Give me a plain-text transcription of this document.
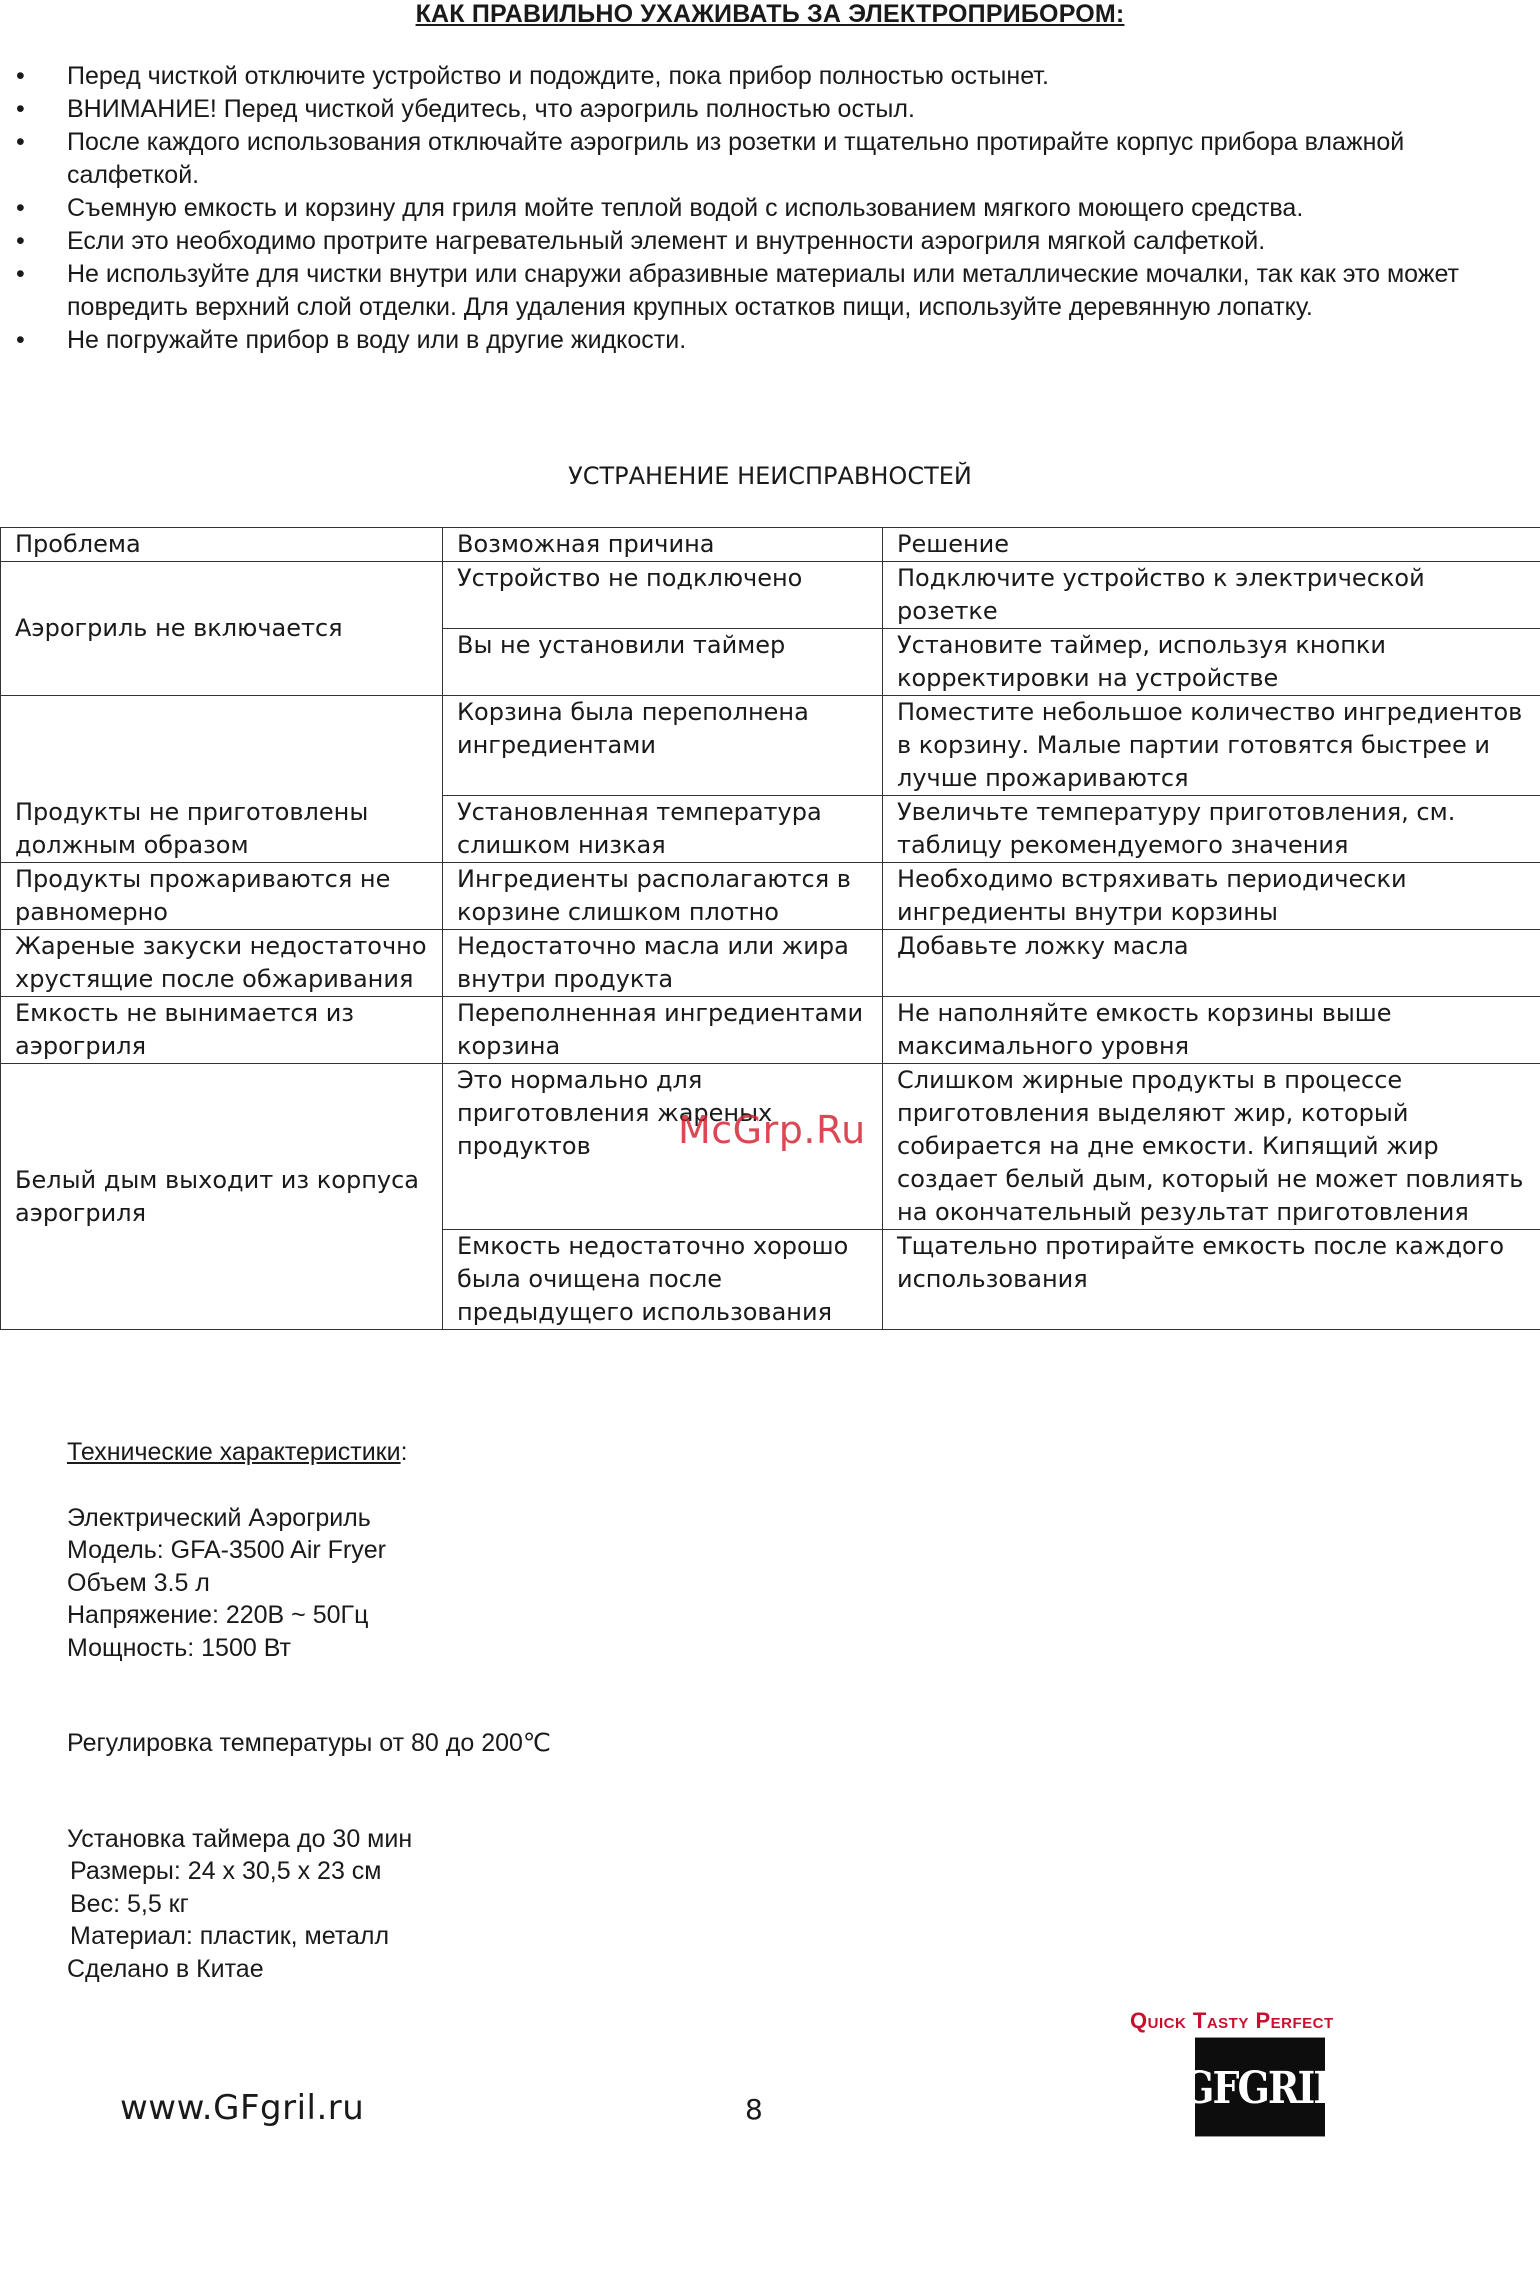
КАК ПРАВИЛЬНО УХАЖИВАТЬ ЗА ЭЛЕКТРОПРИБОРОМ:
• Перед чисткой отключите устройство и подождите, пока прибор полностью остынет.
• ВНИМАНИЕ! Перед чисткой убедитесь, что аэрогриль полностью остыл.
• После каждого использования отключайте аэрогриль из розетки и тщательно протирайте корпус прибора влажной салфеткой.
• Съемную емкость и корзину для гриля мойте теплой водой с использованием мягкого моющего средства.
• Если это необходимо протрите нагревательный элемент и внутренности аэрогриля мягкой салфеткой.
• Не используйте для чистки внутри или снаружи абразивные материалы или металлические мочалки, так как это может повредить верхний слой отделки. Для удаления крупных остатков пищи, используйте деревянную лопатку.
• Не погружайте прибор в воду или в другие жидкости.
УСТРАНЕНИЕ НЕИСПРАВНОСТЕЙ
Проблема	Возможная причина	Решение
Аэрогриль не включается	Устройство не подключено	Подключите устройство к электрической розетке
	Вы не установили таймер	Установите таймер, используя кнопки корректировки на устройстве
Продукты не приготовлены должным образом	Корзина была переполнена ингредиентами	Поместите небольшое количество ингредиентов в корзину. Малые партии готовятся быстрее и лучше прожариваются
	Установленная температура слишком низкая	Увеличьте температуру приготовления, см. таблицу рекомендуемого значения
Продукты прожариваются не равномерно	Ингредиенты располагаются в корзине слишком плотно	Необходимо встряхивать периодически ингредиенты внутри корзины
Жареные закуски недостаточно хрустящие после обжаривания	Недостаточно масла или жира внутри продукта	Добавьте ложку масла
Емкость не вынимается из аэрогриля	Переполненная ингредиентами корзина	Не наполняйте емкость корзины выше максимального уровня
Белый дым выходит из корпуса аэрогриля	Это нормально для приготовления жареных продуктов	Слишком жирные продукты в процессе приготовления выделяют жир, который собирается на дне емкости. Кипящий жир создает белый дым, который не может повлиять на окончательный результат приготовления
	Емкость недостаточно хорошо была очищена после предыдущего использования	Тщательно протирайте емкость после каждого использования
McGrp.Ru
Технические характеристики:
Электрический Аэрогриль
Модель: GFA-3500 Air Fryer
Объем 3.5 л
Напряжение: 220В ~ 50Гц
Мощность: 1500 Вт
Регулировка температуры от 80 до 200℃
Установка таймера до 30 мин
Размеры: 24 х 30,5 х 23 см
Вес: 5,5 кг
Материал: пластик, металл
Сделано в Китае
Quick Tasty Perfect
GFGRIL
www.GFgril.ru	8
